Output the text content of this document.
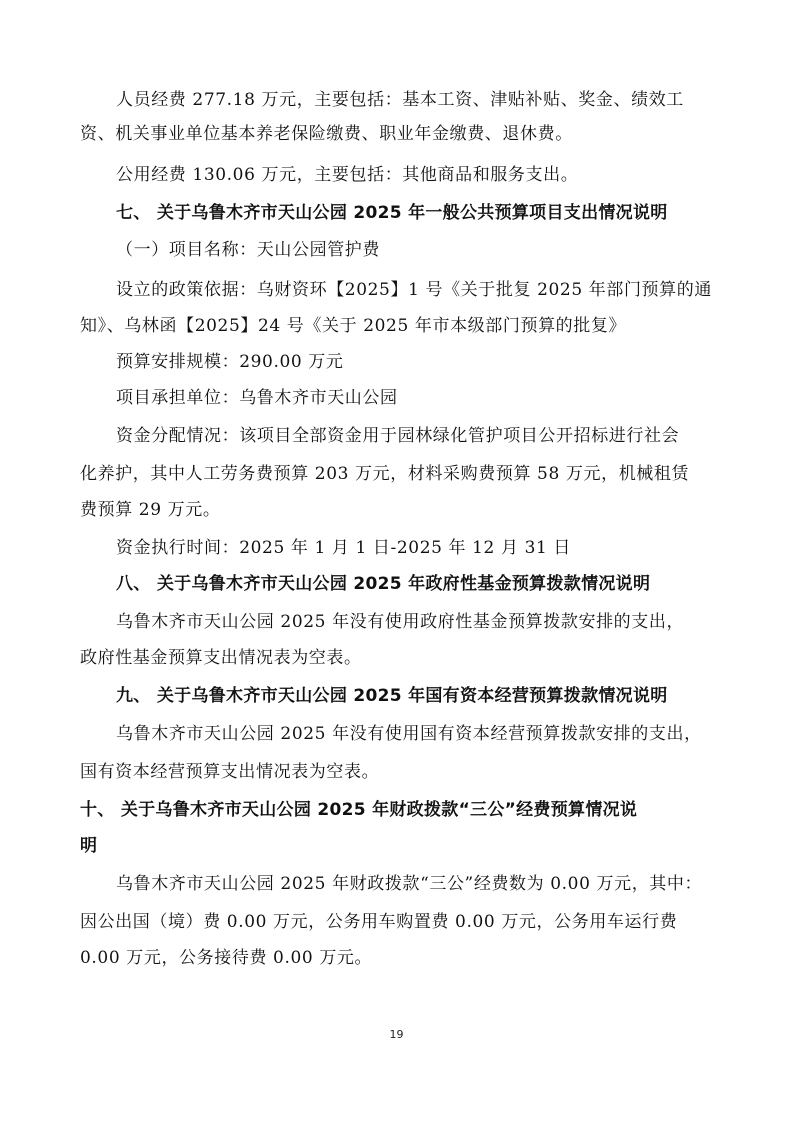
人员经费 277.18 万元，主要包括：基本工资、津贴补贴、奖金、绩效工
资、机关事业单位基本养老保险缴费、职业年金缴费、退休费。
公用经费 130.06 万元，主要包括：其他商品和服务支出。
七、 关于乌鲁木齐市天山公园 2025 年一般公共预算项目支出情况说明
（一）项目名称：天山公园管护费
设立的政策依据：乌财资环【2025】1 号《关于批复 2025 年部门预算的通
知》、乌林函【2025】24 号《关于 2025 年市本级部门预算的批复》
预算安排规模：290.00 万元
项目承担单位：乌鲁木齐市天山公园
资金分配情况：该项目全部资金用于园林绿化管护项目公开招标进行社会
化养护，其中人工劳务费预算 203 万元，材料采购费预算 58 万元，机械租赁
费预算 29 万元。
资金执行时间：2025 年 1 月 1 日-2025 年 12 月 31 日
八、 关于乌鲁木齐市天山公园 2025 年政府性基金预算拨款情况说明
乌鲁木齐市天山公园 2025 年没有使用政府性基金预算拨款安排的支出，
政府性基金预算支出情况表为空表。
九、 关于乌鲁木齐市天山公园 2025 年国有资本经营预算拨款情况说明
乌鲁木齐市天山公园 2025 年没有使用国有资本经营预算拨款安排的支出，
国有资本经营预算支出情况表为空表。
十、 关于乌鲁木齐市天山公园 2025 年财政拨款“三公”经费预算情况说
明
乌鲁木齐市天山公园 2025 年财政拨款“三公”经费数为 0.00 万元，其中：
因公出国（境）费 0.00 万元，公务用车购置费 0.00 万元，公务用车运行费
0.00 万元，公务接待费 0.00 万元。
19
